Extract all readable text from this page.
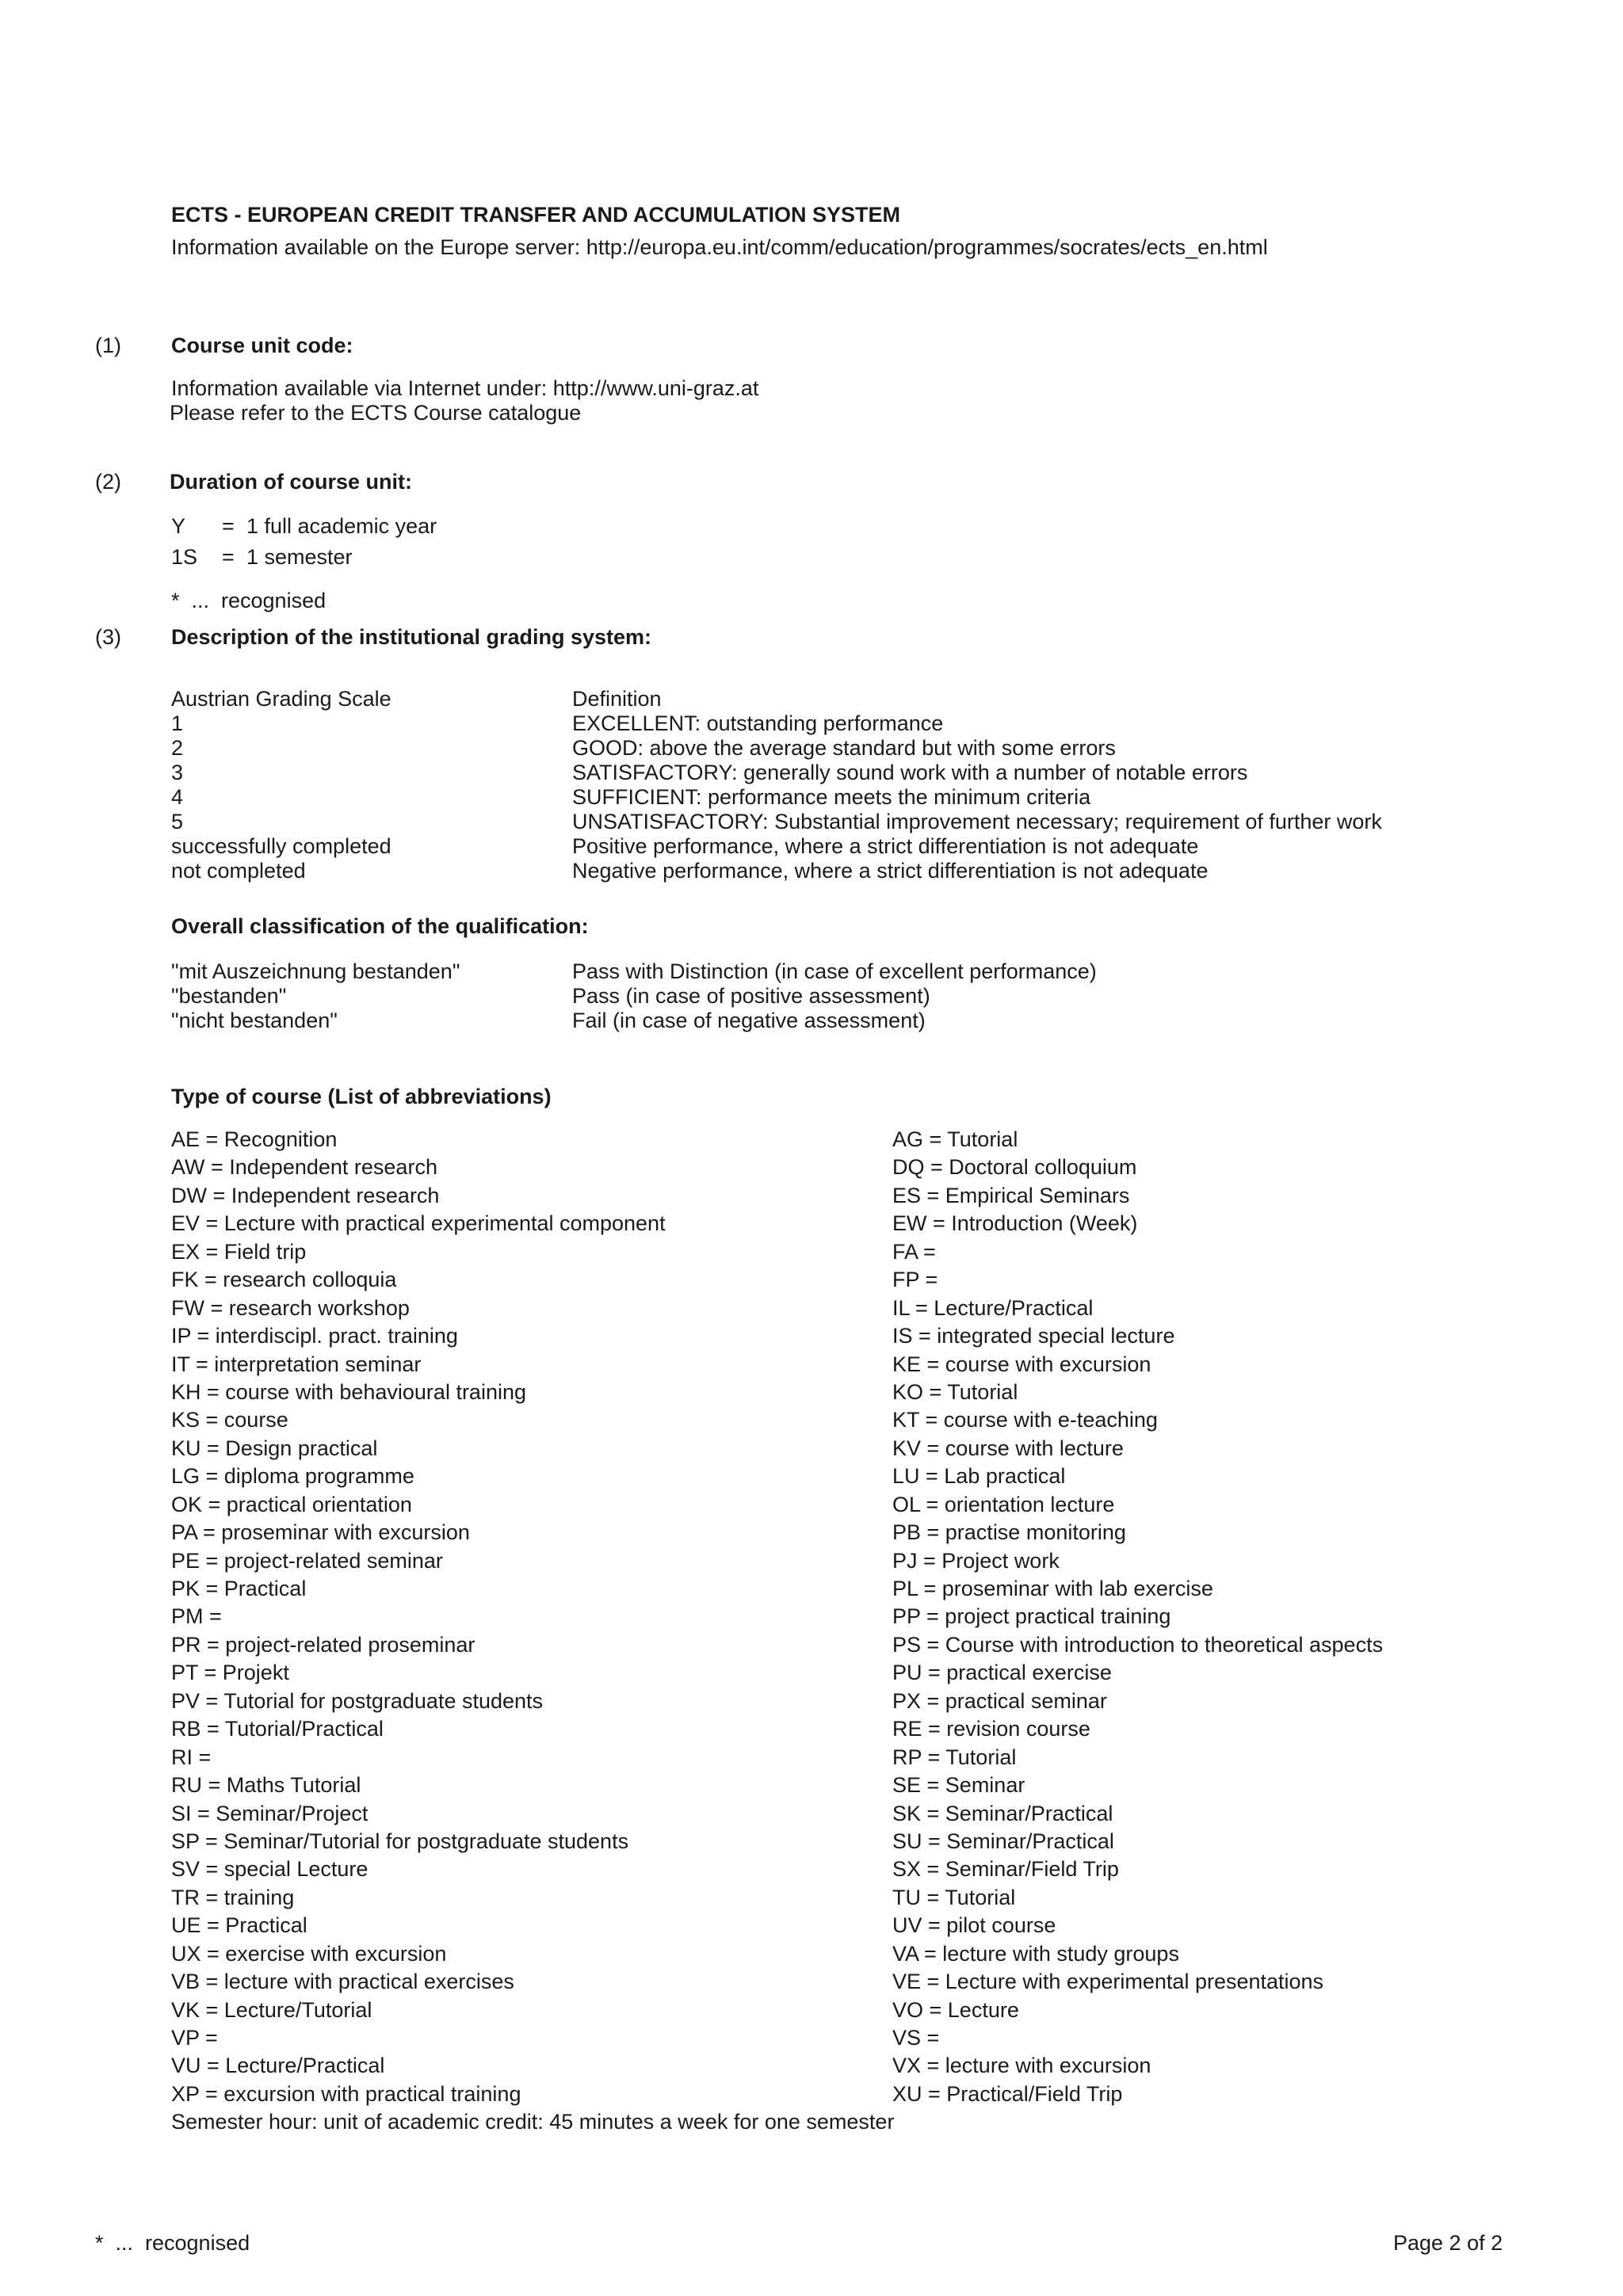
ECTS - EUROPEAN CREDIT TRANSFER AND ACCUMULATION SYSTEM
Information available on the Europe server: http://europa.eu.int/comm/education/programmes/socrates/ects_en.html
(1) Course unit code:
Information available via Internet under: http://www.uni-graz.at
Please refer to the ECTS Course catalogue
(2) Duration of course unit:
Y = 1 full academic year
1S = 1 semester
*  ...  recognised
(3) Description of the institutional grading system:
Austrian Grading Scale	Definition
1	EXCELLENT: outstanding performance
2	GOOD: above the average standard but with some errors
3	SATISFACTORY: generally sound work with a number of notable errors
4	SUFFICIENT: performance meets the minimum criteria
5	UNSATISFACTORY: Substantial improvement necessary; requirement of further work
successfully completed	Positive performance, where a strict differentiation is not adequate
not completed	Negative performance, where a strict differentiation is not adequate
Overall classification of the qualification:
"mit Auszeichnung bestanden"	Pass with Distinction (in case of excellent performance)
"bestanden"	Pass (in case of positive assessment)
"nicht bestanden"	Fail (in case of negative assessment)
Type of course (List of abbreviations)
AE = Recognition
AW = Independent research
DW = Independent research
EV = Lecture with practical experimental component
EX = Field trip
FK = research colloquia
FW = research workshop
IP = interdiscipl. pract. training
IT = interpretation seminar
KH = course with behavioural training
KS = course
KU = Design practical
LG = diploma programme
OK = practical orientation
PA = proseminar with excursion
PE = project-related seminar
PK = Practical
PM =
PR = project-related proseminar
PT = Projekt
PV = Tutorial for postgraduate students
RB = Tutorial/Practical
RI =
RU = Maths Tutorial
SI = Seminar/Project
SP = Seminar/Tutorial for postgraduate students
SV = special Lecture
TR = training
UE = Practical
UX = exercise with excursion
VB = lecture with practical exercises
VK = Lecture/Tutorial
VP =
VU = Lecture/Practical
XP = excursion with practical training
Semester hour: unit of academic credit: 45 minutes a week for one semester
AG = Tutorial
DQ = Doctoral colloquium
ES = Empirical Seminars
EW = Introduction (Week)
FA =
FP =
IL = Lecture/Practical
IS = integrated special lecture
KE = course with excursion
KO = Tutorial
KT = course with e-teaching
KV = course with lecture
LU = Lab practical
OL = orientation lecture
PB = practise monitoring
PJ = Project work
PL = proseminar with lab exercise
PP = project practical training
PS = Course with introduction to theoretical aspects
PU = practical exercise
PX = practical seminar
RE = revision course
RP = Tutorial
SE = Seminar
SK = Seminar/Practical
SU = Seminar/Practical
SX = Seminar/Field Trip
TU = Tutorial
UV = pilot course
VA = lecture with study groups
VE = Lecture with experimental presentations
VO = Lecture
VS =
VX = lecture with excursion
XU = Practical/Field Trip
*  ...  recognised	Page 2 of 2
